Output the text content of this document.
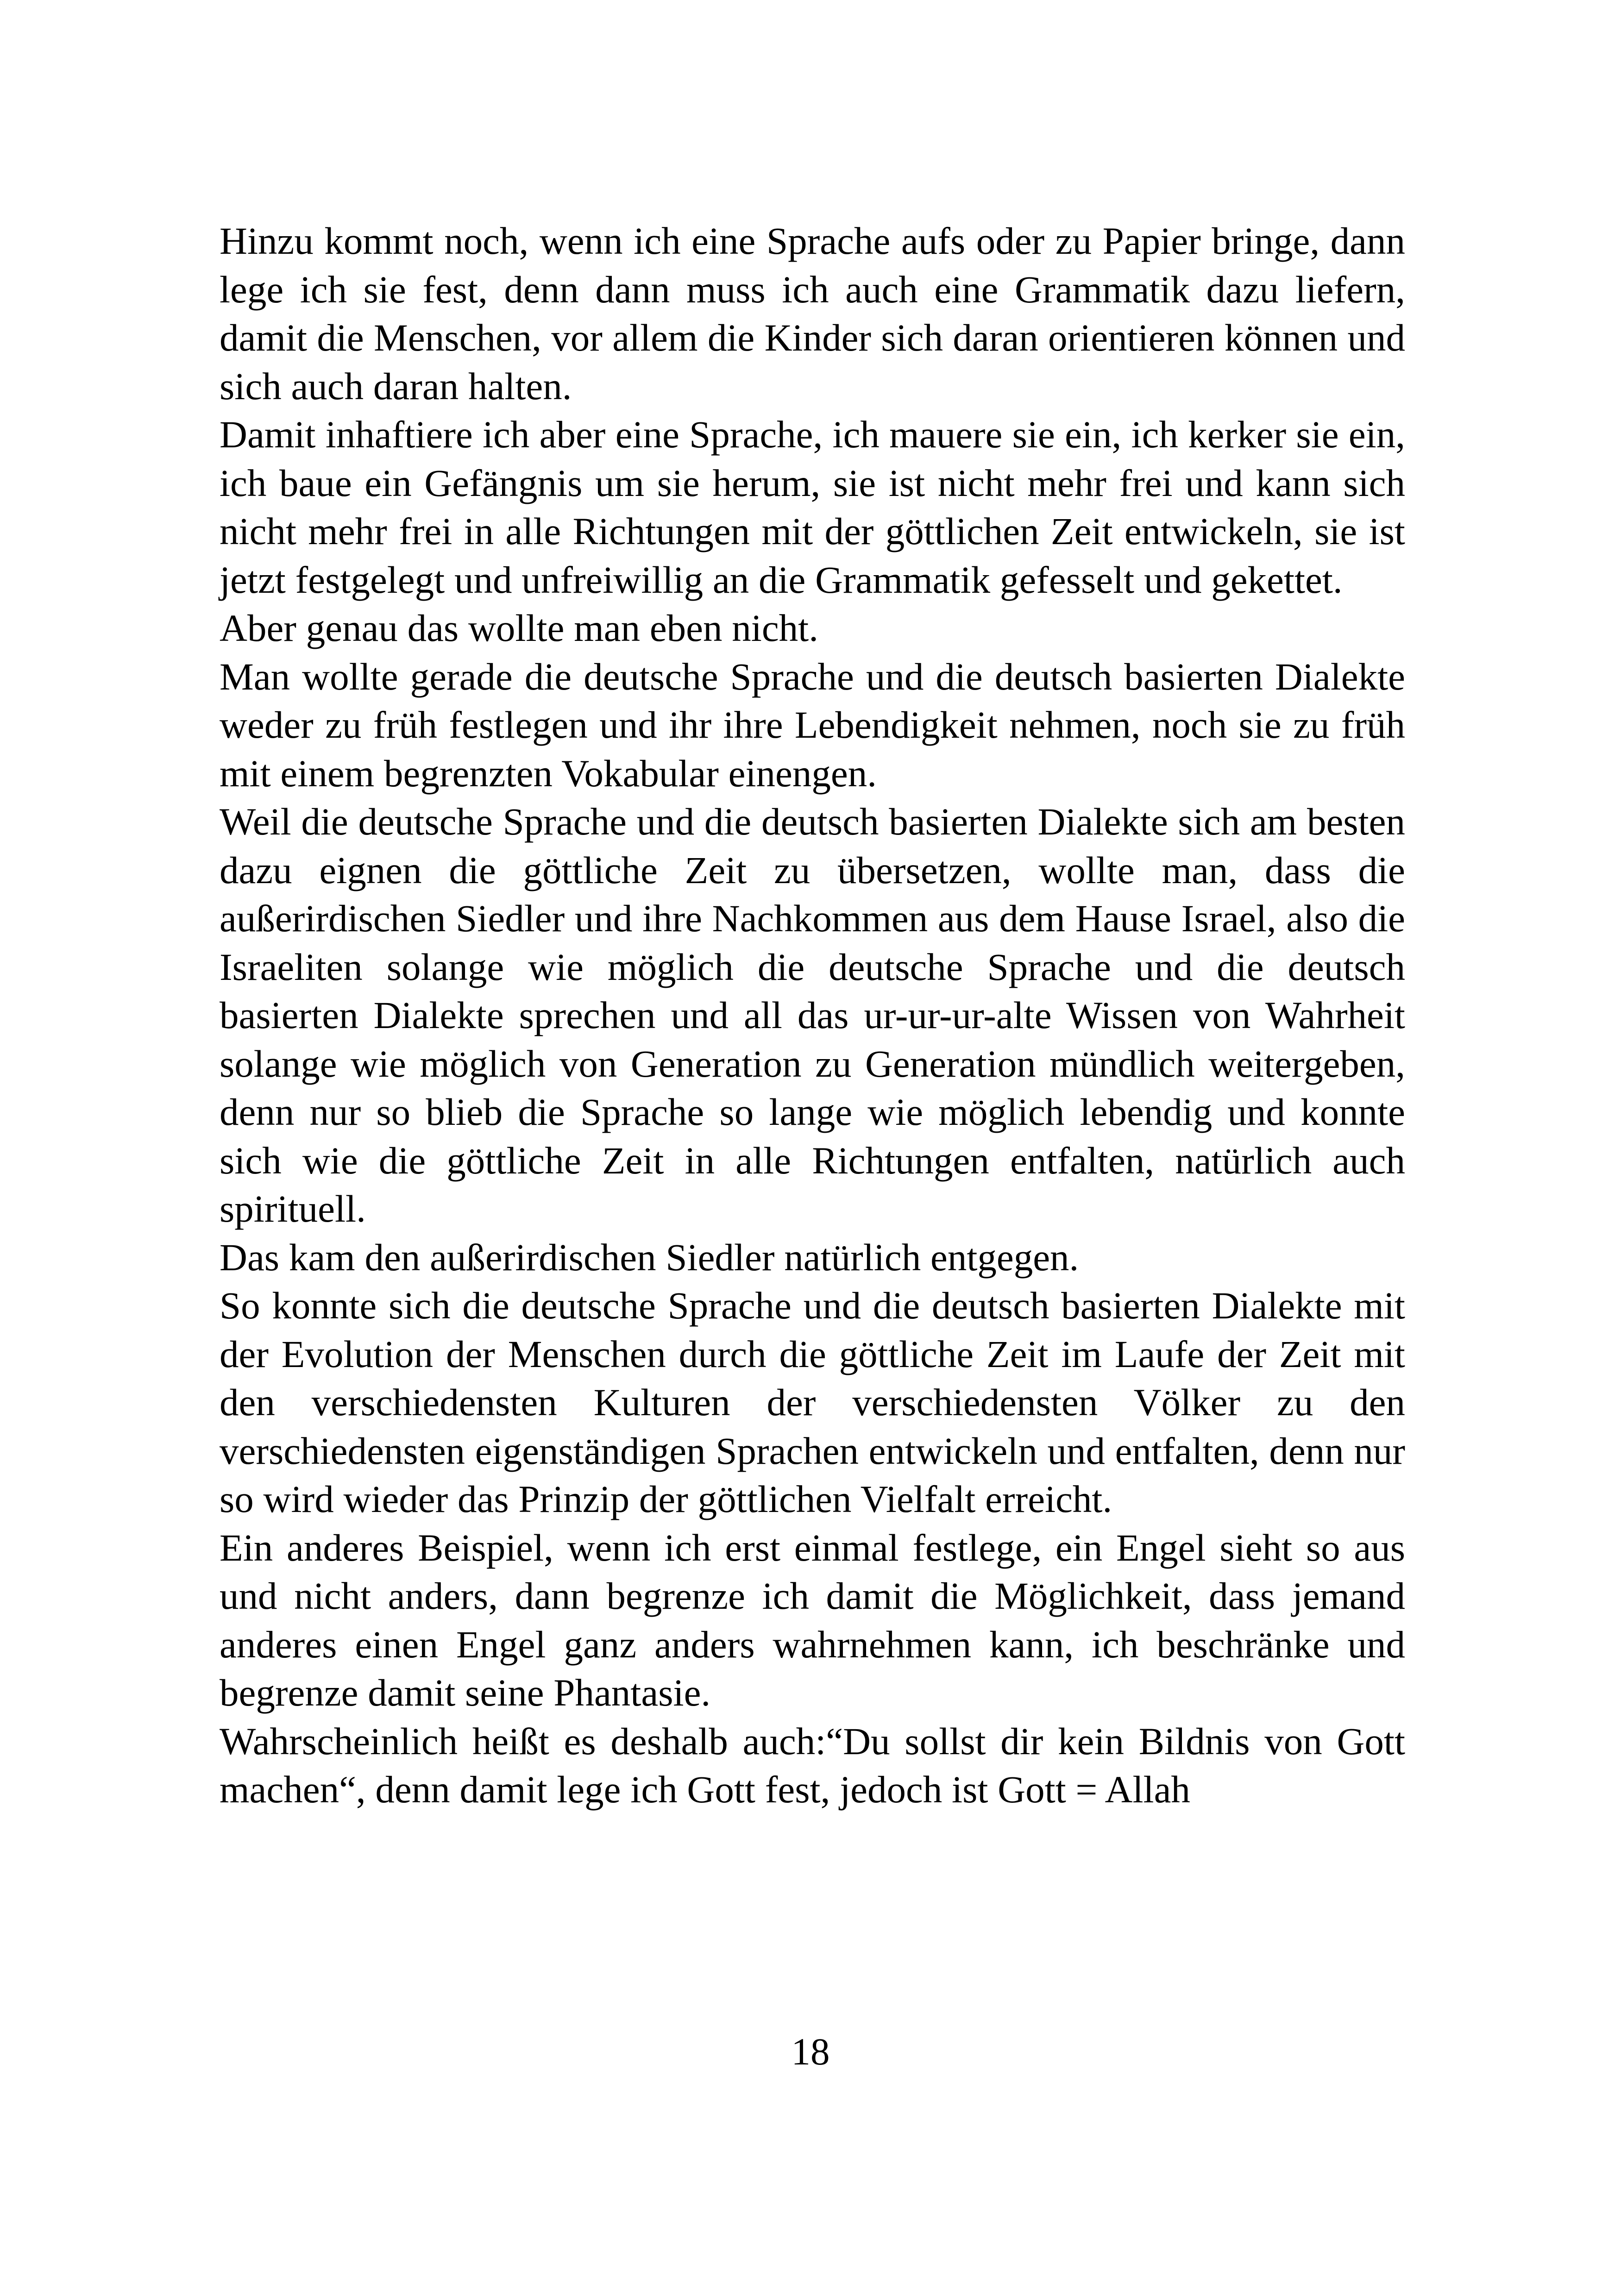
Hinzu kommt noch, wenn ich eine Sprache aufs oder zu Papier bringe, dann lege ich sie fest, denn dann muss ich auch eine Grammatik dazu liefern, damit die Menschen, vor allem die Kinder sich daran orientieren können und sich auch daran halten.

Damit inhaftiere ich aber eine Sprache, ich mauere sie ein, ich kerker sie ein, ich baue ein Gefängnis um sie herum, sie ist nicht mehr frei und kann sich nicht mehr frei in alle Richtungen mit der göttlichen Zeit entwickeln, sie ist jetzt festgelegt und unfreiwillig an die Grammatik gefesselt und gekettet.

Aber genau das wollte man eben nicht.

Man wollte gerade die deutsche Sprache und die deutsch basierten Dialekte weder zu früh festlegen und ihr ihre Lebendigkeit nehmen, noch sie zu früh mit einem begrenzten Vokabular einengen.

Weil die deutsche Sprache und die deutsch basierten Dialekte sich am besten dazu eignen die göttliche Zeit zu übersetzen, wollte man, dass die außerirdischen Siedler und ihre Nachkommen aus dem Hause Israel, also die Israeliten solange wie möglich die deutsche Sprache und die deutsch basierten Dialekte sprechen und all das ur-ur-ur-alte Wissen von Wahrheit solange wie möglich von Generation zu Generation mündlich weitergeben, denn nur so blieb die Sprache so lange wie möglich lebendig und konnte sich wie die göttliche Zeit in alle Richtungen entfalten, natürlich auch spirituell.

Das kam den außerirdischen Siedler natürlich entgegen.

So konnte sich die deutsche Sprache und die deutsch basierten Dialekte mit der Evolution der Menschen durch die göttliche Zeit im Laufe der Zeit mit den verschiedensten Kulturen der verschiedensten Völker zu den verschiedensten eigenständigen Sprachen entwickeln und entfalten, denn nur so wird wieder das Prinzip der göttlichen Vielfalt erreicht.

Ein anderes Beispiel, wenn ich erst einmal festlege, ein Engel sieht so aus und nicht anders, dann begrenze ich damit die Möglichkeit, dass jemand anderes einen Engel ganz anders wahrnehmen kann, ich beschränke und begrenze damit seine Phantasie.

Wahrscheinlich heißt es deshalb auch:“Du sollst dir kein Bildnis von Gott machen“, denn damit lege ich Gott fest, jedoch ist Gott = Allah

18
